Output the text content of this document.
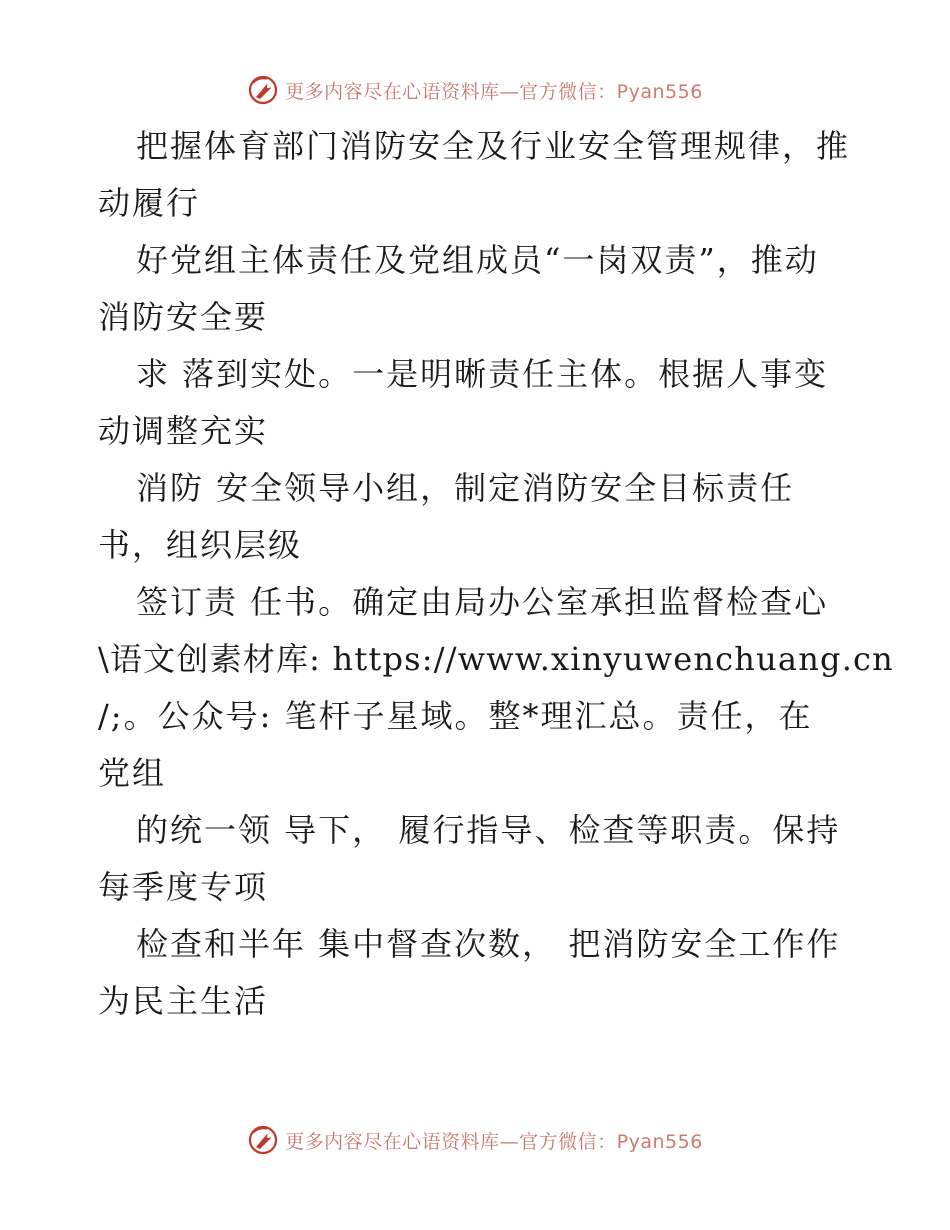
更多内容尽在心语资料库—官方微信：Pyan556
把握体育部门消防安全及行业安全管理规律，推
动履行
好党组主体责任及党组成员“一岗双责”，推动
消防安全要
求 落到实处。一是明晰责任主体。根据人事变
动调整充实
消防 安全领导小组，制定消防安全目标责任
书，组织层级
签订责 任书。确定由局办公室承担监督检查心
\语文创素材库: https://www.xinyuwenchuang.cn
/;。公众号: 笔杆子星域。整*理汇总。责任，在
党组
的统一领 导下， 履行指导、检查等职责。保持
每季度专项
检查和半年 集中督查次数， 把消防安全工作作
为民主生活
更多内容尽在心语资料库—官方微信：Pyan556
